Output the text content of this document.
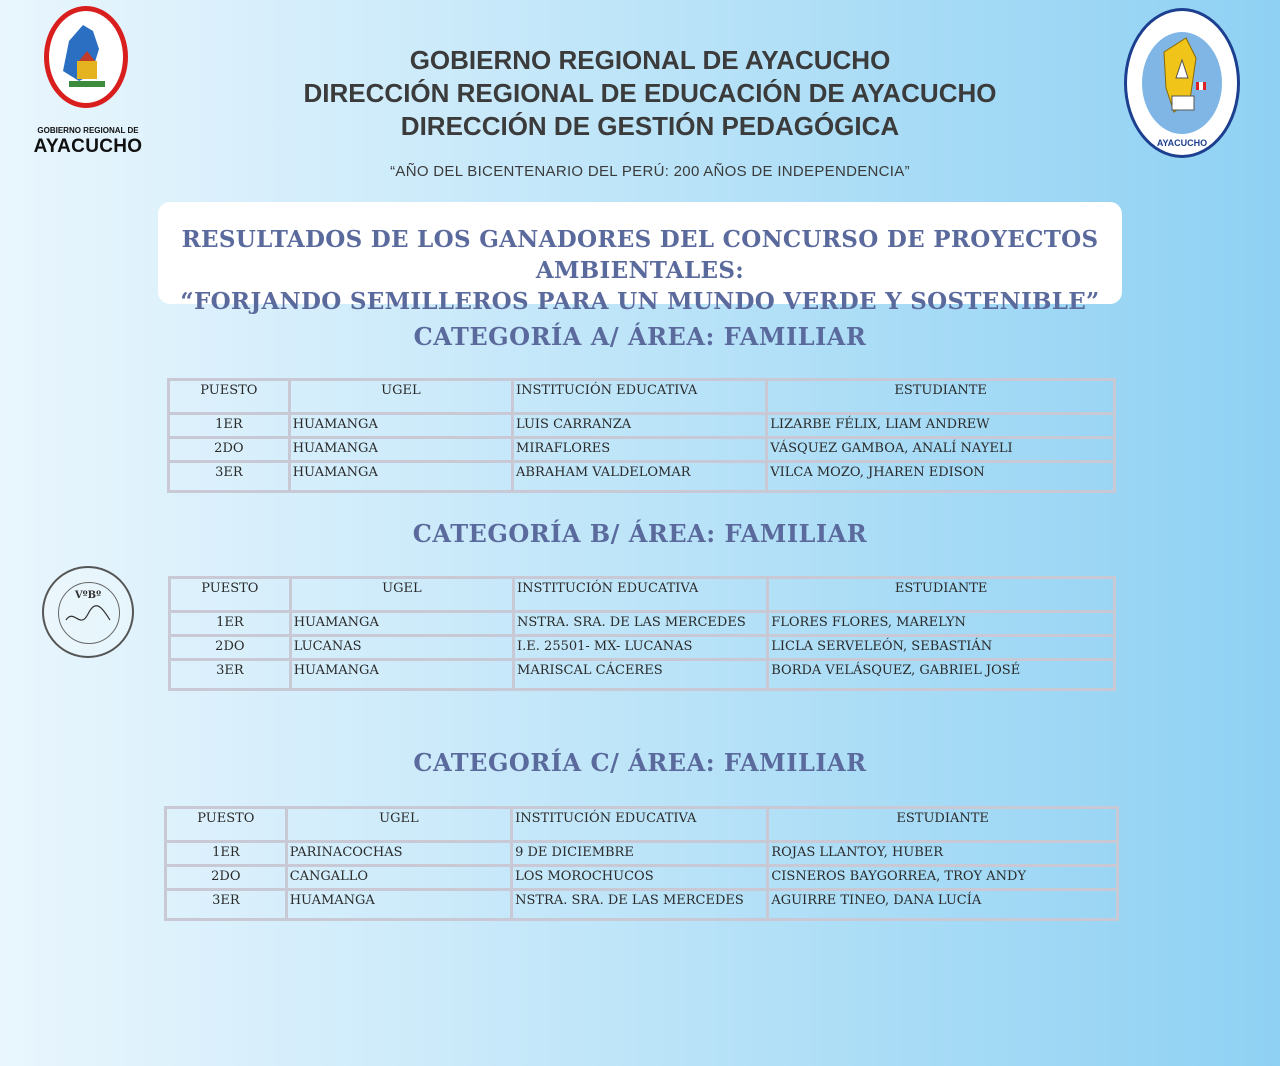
GOBIERNO REGIONAL DE
AYACUCHO	AYACUCHO
GOBIERNO REGIONAL DE AYACUCHO
DIRECCIÓN REGIONAL DE EDUCACIÓN DE AYACUCHO
DIRECCIÓN DE GESTIÓN PEDAGÓGICA
“AÑO DEL BICENTENARIO DEL PERÚ: 200 AÑOS DE INDEPENDENCIA”
RESULTADOS DE LOS GANADORES DEL CONCURSO DE PROYECTOS AMBIENTALES:
“FORJANDO SEMILLEROS PARA UN MUNDO VERDE Y SOSTENIBLE”
CATEGORÍA A/ ÁREA: FAMILIAR
PUESTO	UGEL	INSTITUCIÓN EDUCATIVA	ESTUDIANTE
1ER	HUAMANGA	LUIS CARRANZA	LIZARBE FÉLIX, LIAM ANDREW
2DO	HUAMANGA	MIRAFLORES	VÁSQUEZ GAMBOA, ANALÍ NAYELI
3ER	HUAMANGA	ABRAHAM VALDELOMAR	VILCA MOZO, JHAREN EDISON
CATEGORÍA B/ ÁREA: FAMILIAR
PUESTO	UGEL	INSTITUCIÓN EDUCATIVA	ESTUDIANTE
1ER	HUAMANGA	NSTRA. SRA. DE LAS MERCEDES	FLORES FLORES, MARELYN
2DO	LUCANAS	I.E. 25501- MX- LUCANAS	LICLA SERVELEÓN, SEBASTIÁN
3ER	HUAMANGA	MARISCAL CÁCERES	BORDA VELÁSQUEZ, GABRIEL JOSÉ
VºBº
CATEGORÍA C/ ÁREA: FAMILIAR
PUESTO	UGEL	INSTITUCIÓN EDUCATIVA	ESTUDIANTE
1ER	PARINACOCHAS	9 DE DICIEMBRE	ROJAS LLANTOY, HUBER
2DO	CANGALLO	LOS MOROCHUCOS	CISNEROS BAYGORREA, TROY ANDY
3ER	HUAMANGA	NSTRA. SRA. DE LAS MERCEDES	AGUIRRE TINEO, DANA LUCÍA
